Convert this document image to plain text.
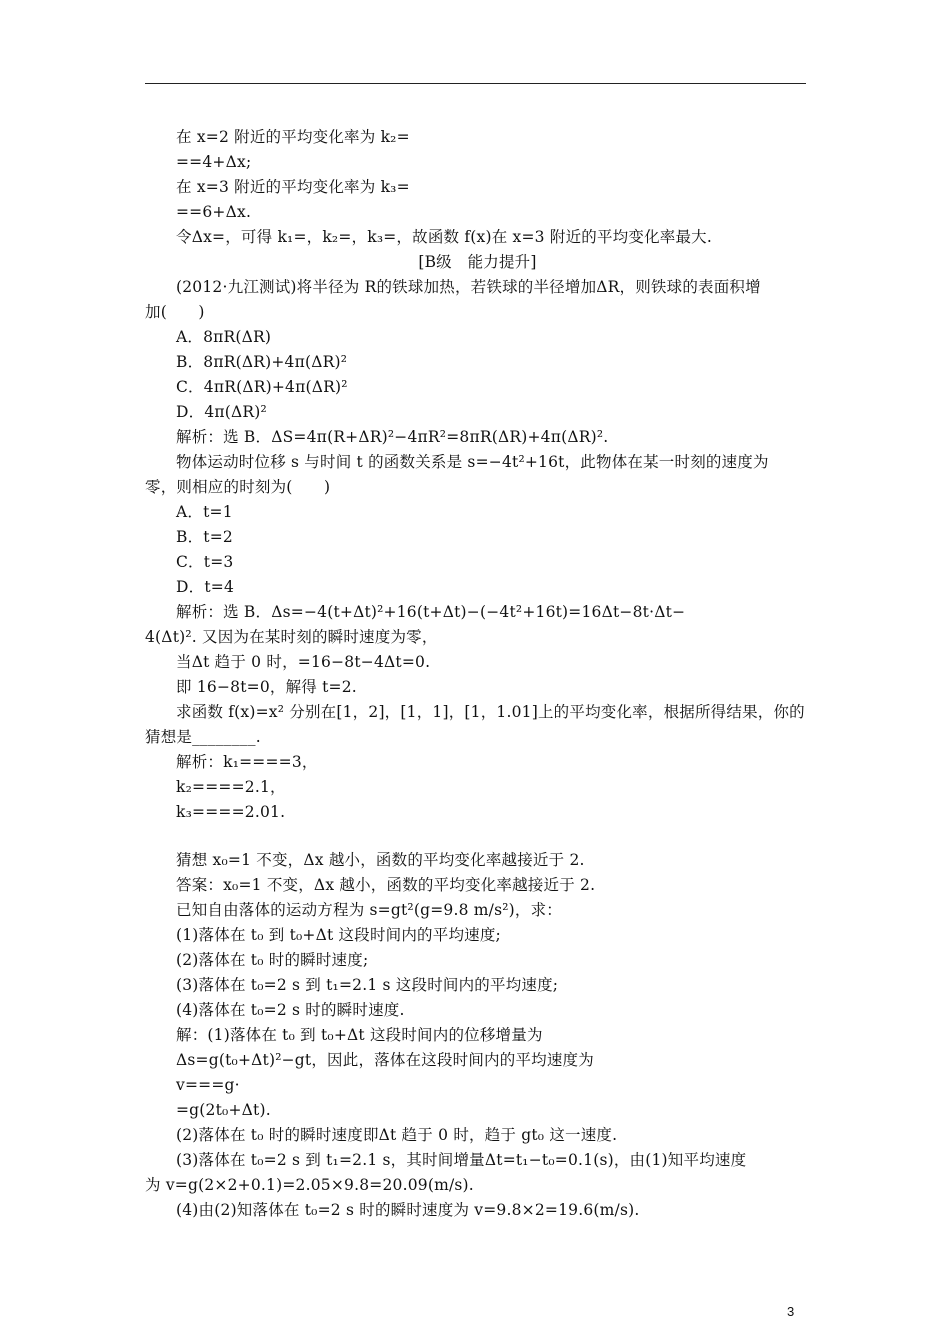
在 x=2 附近的平均变化率为 k₂=
==4+Δx;
在 x=3 附近的平均变化率为 k₃=
==6+Δx.
令Δx=，可得 k₁=，k₂=，k₃=，故函数 f(x)在 x=3 附近的平均变化率最大.
[B级　能力提升]
(2012·九江测试)将半径为 R的铁球加热，若铁球的半径增加ΔR，则铁球的表面积增
加(　　)
A．8πR(ΔR)
B．8πR(ΔR)+4π(ΔR)²
C．4πR(ΔR)+4π(ΔR)²
D．4π(ΔR)²
解析：选 B．ΔS=4π(R+ΔR)²−4πR²=8πR(ΔR)+4π(ΔR)².
物体运动时位移 s 与时间 t 的函数关系是 s=−4t²+16t，此物体在某一时刻的速度为
零，则相应的时刻为(　　)
A．t=1
B．t=2
C．t=3
D．t=4
解析：选 B．Δs=−4(t+Δt)²+16(t+Δt)−(−4t²+16t)=16Δt−8t·Δt−
4(Δt)². 又因为在某时刻的瞬时速度为零，
当Δt 趋于 0 时，=16−8t−4Δt=0.
即 16−8t=0，解得 t=2.
求函数 f(x)=x² 分别在[1，2]，[1，1]，[1，1.01]上的平均变化率，根据所得结果，你的
猜想是________.
解析：k₁====3，
k₂====2.1，
k₃====2.01.
猜想 x₀=1 不变，Δx 越小，函数的平均变化率越接近于 2.
答案：x₀=1 不变，Δx 越小，函数的平均变化率越接近于 2.
已知自由落体的运动方程为 s=gt²(g=9.8 m/s²)，求：
(1)落体在 t₀ 到 t₀+Δt 这段时间内的平均速度;
(2)落体在 t₀ 时的瞬时速度;
(3)落体在 t₀=2 s 到 t₁=2.1 s 这段时间内的平均速度;
(4)落体在 t₀=2 s 时的瞬时速度.
解：(1)落体在 t₀ 到 t₀+Δt 这段时间内的位移增量为
Δs=g(t₀+Δt)²−gt，因此，落体在这段时间内的平均速度为
v===g·
=g(2t₀+Δt).
(2)落体在 t₀ 时的瞬时速度即Δt 趋于 0 时，趋于 gt₀ 这一速度.
(3)落体在 t₀=2 s 到 t₁=2.1 s，其时间增量Δt=t₁−t₀=0.1(s)，由(1)知平均速度
为 v=g(2×2+0.1)=2.05×9.8=20.09(m/s).
(4)由(2)知落体在 t₀=2 s 时的瞬时速度为 v=9.8×2=19.6(m/s).
3
